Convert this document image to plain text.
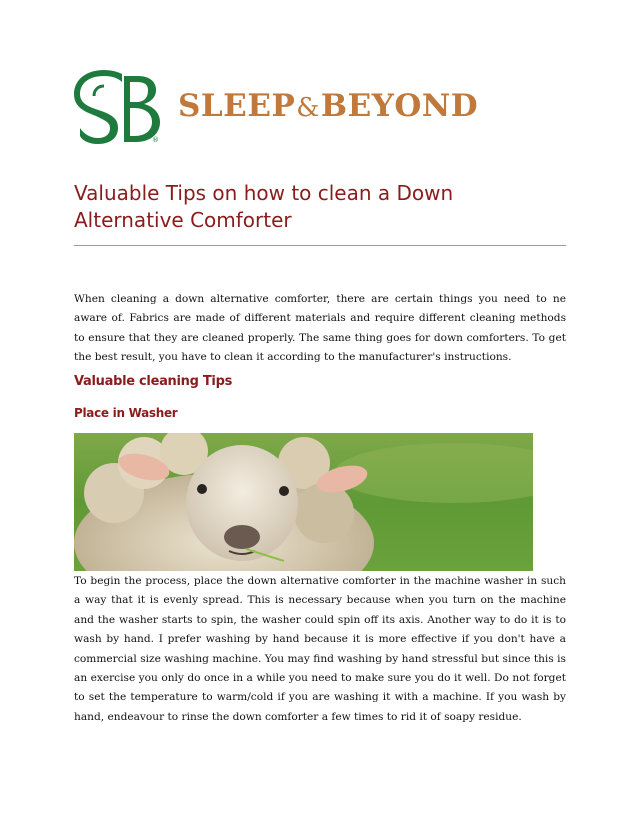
®
SLEEP&BEYOND
Valuable Tips on how to clean a Down Alternative Comforter

When cleaning a down alternative comforter, there are certain things you need to ne aware of. Fabrics are made of different materials and require different cleaning methods to ensure that they are cleaned properly. The same thing goes for down comforters. To get the best result, you have to clean it according to the manufacturer's instructions.

Valuable cleaning Tips
Place in Washer

To begin the process, place the down alternative comforter in the machine washer in such a way that it is evenly spread. This is necessary because when you turn on the machine and the washer starts to spin, the washer could spin off its axis. Another way to do it is to wash by hand. I prefer washing by hand because it is more effective if you don't have a commercial size washing machine. You may find washing by hand stressful but since this is an exercise you only do once in a while you need to make sure you do it well. Do not forget to set the temperature to warm/cold if you are washing it with a machine. If you wash by hand, endeavour to rinse the down comforter a few times to rid it of soapy residue.
